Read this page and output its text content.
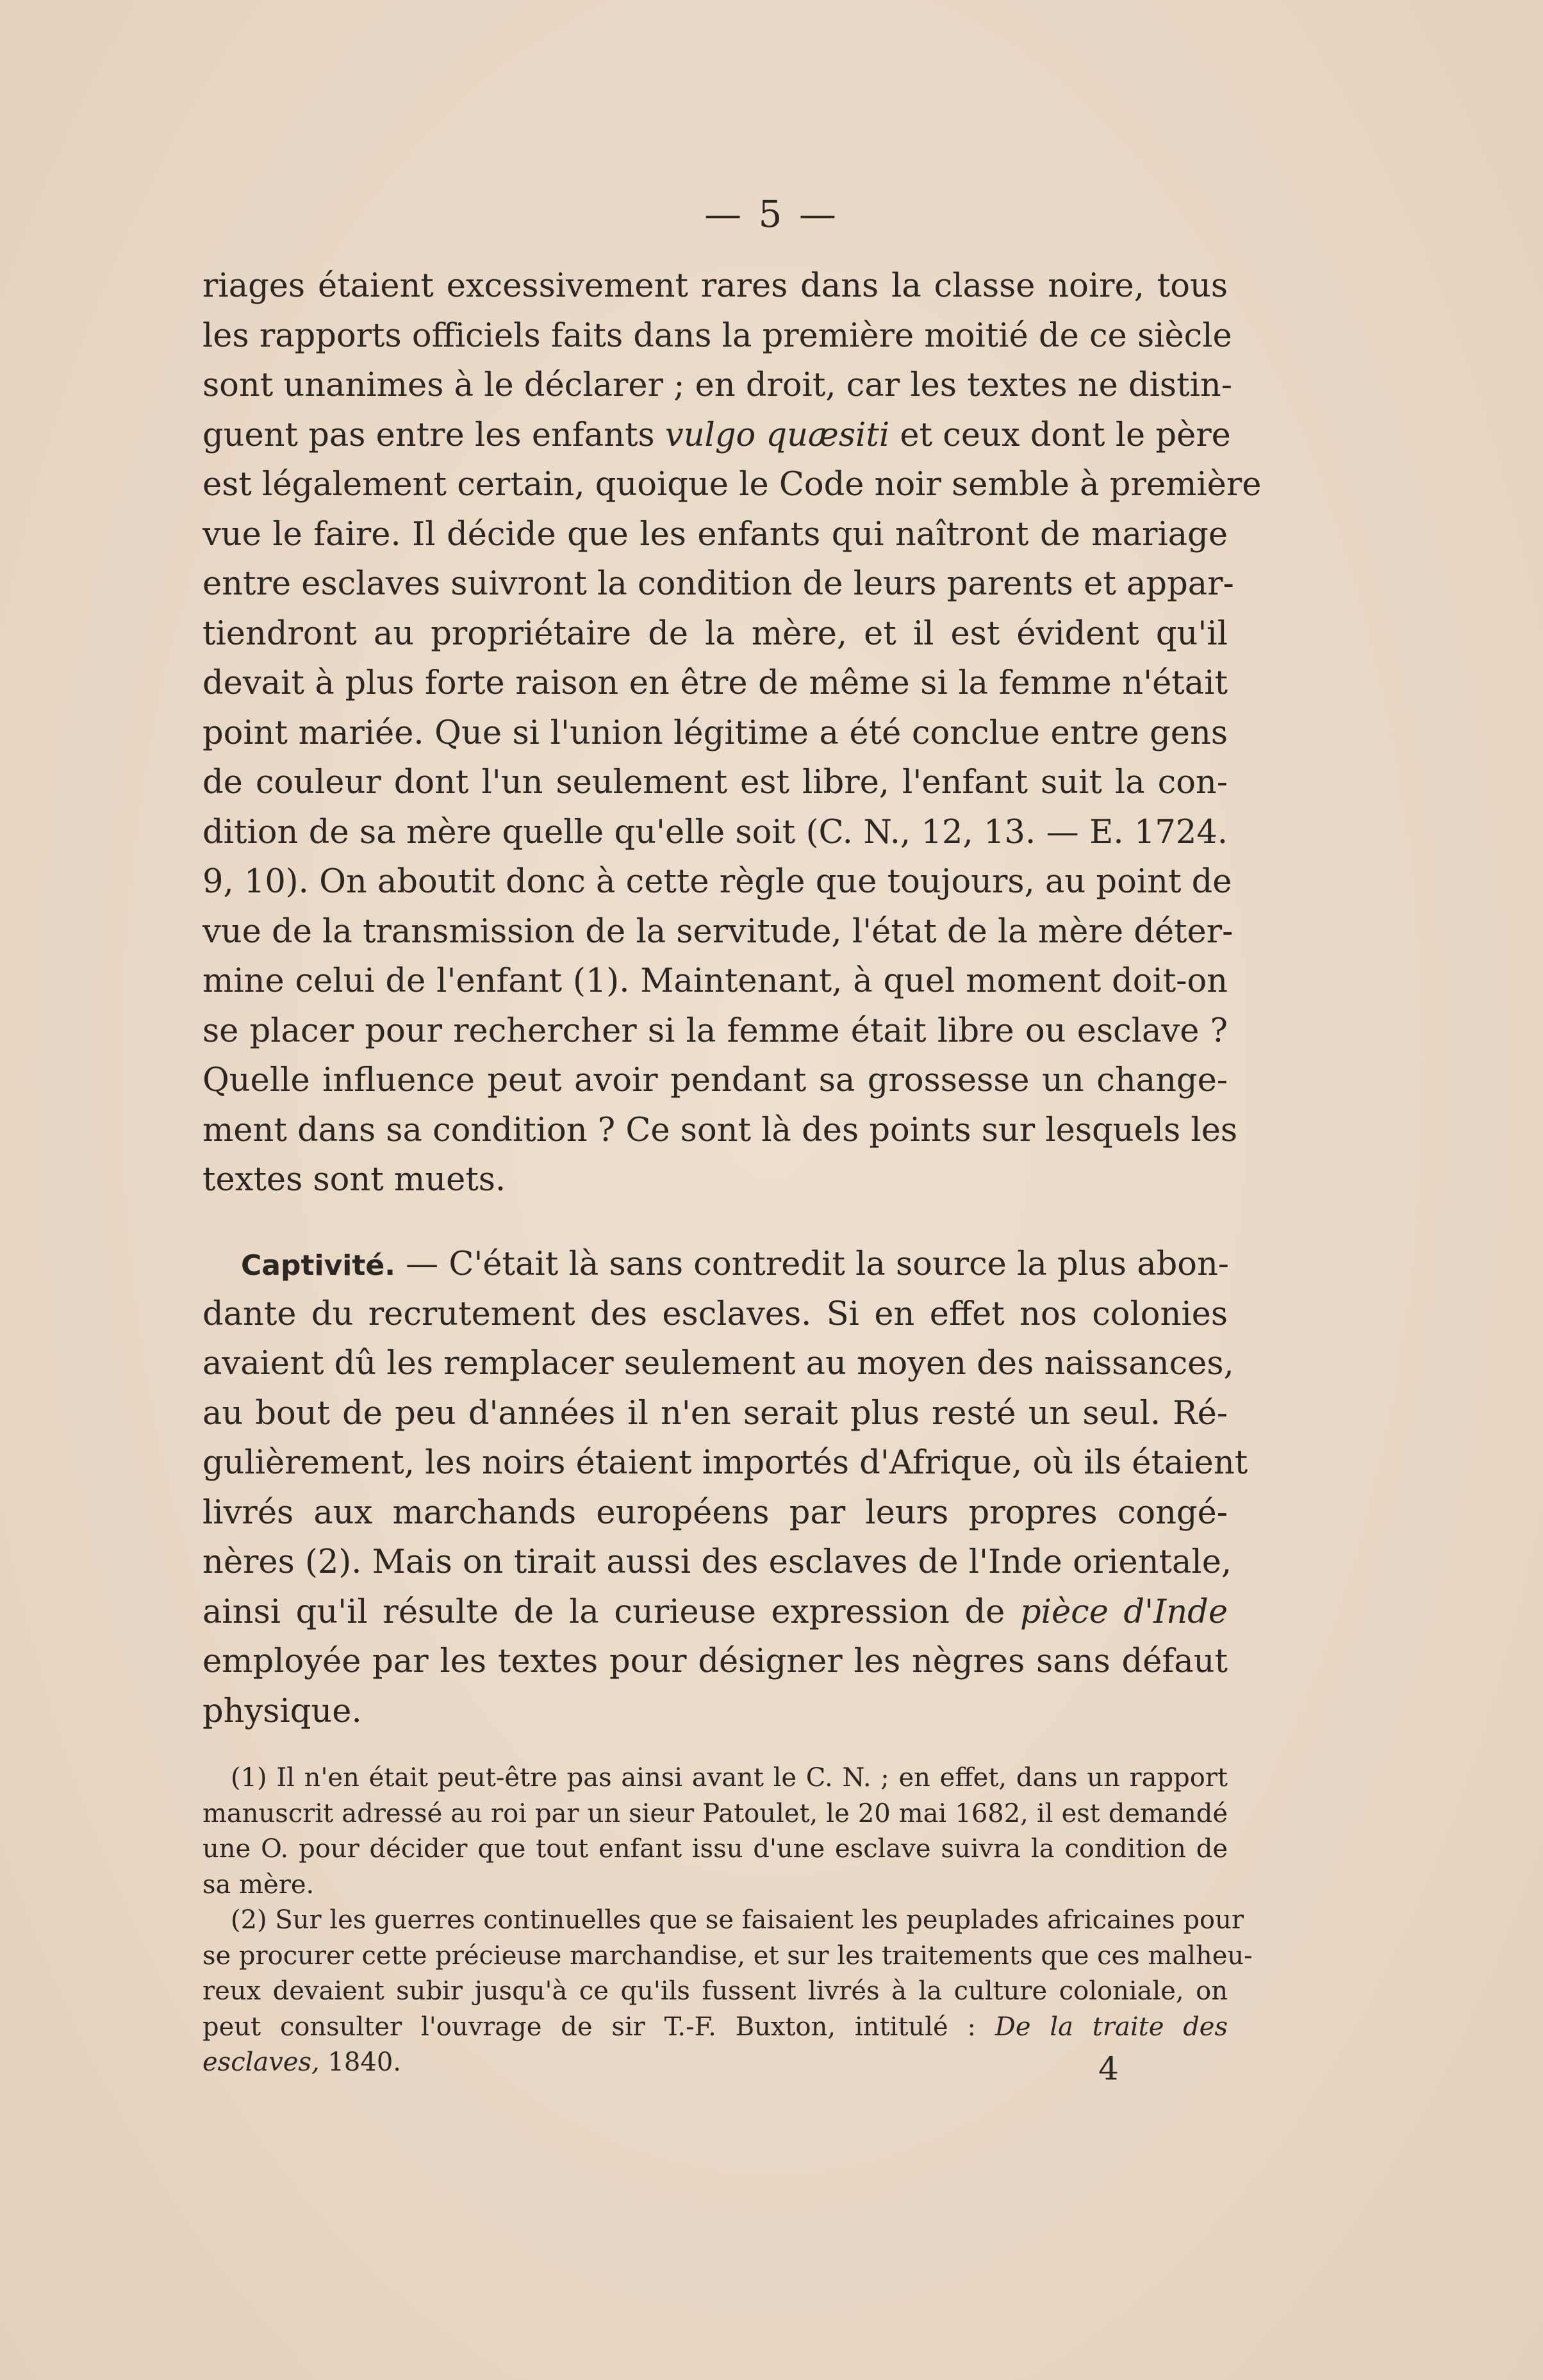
— 5 —
riages étaient excessivement rares dans la classe noire, tous
les rapports officiels faits dans la première moitié de ce siècle
sont unanimes à le déclarer ; en droit, car les textes ne distin-
guent pas entre les enfants vulgo quæsiti et ceux dont le père
est légalement certain, quoique le Code noir semble à première
vue le faire. Il décide que les enfants qui naîtront de mariage
entre esclaves suivront la condition de leurs parents et appar-
tiendront au propriétaire de la mère, et il est évident qu'il
devait à plus forte raison en être de même si la femme n'était
point mariée. Que si l'union légitime a été conclue entre gens
de couleur dont l'un seulement est libre, l'enfant suit la con-
dition de sa mère quelle qu'elle soit (C. N., 12, 13. — E. 1724.
9, 10). On aboutit donc à cette règle que toujours, au point de
vue de la transmission de la servitude, l'état de la mère déter-
mine celui de l'enfant (1). Maintenant, à quel moment doit-on
se placer pour rechercher si la femme était libre ou esclave ?
Quelle influence peut avoir pendant sa grossesse un change-
ment dans sa condition ? Ce sont là des points sur lesquels les
textes sont muets.
Captivité. — C'était là sans contredit la source la plus abon-
dante du recrutement des esclaves. Si en effet nos colonies
avaient dû les remplacer seulement au moyen des naissances,
au bout de peu d'années il n'en serait plus resté un seul. Ré-
gulièrement, les noirs étaient importés d'Afrique, où ils étaient
livrés aux marchands européens par leurs propres congé-
nères (2). Mais on tirait aussi des esclaves de l'Inde orientale,
ainsi qu'il résulte de la curieuse expression de pièce d'Inde
employée par les textes pour désigner les nègres sans défaut
physique.
(1) Il n'en était peut-être pas ainsi avant le C. N. ; en effet, dans un rapport
manuscrit adressé au roi par un sieur Patoulet, le 20 mai 1682, il est demandé
une O. pour décider que tout enfant issu d'une esclave suivra la condition de
sa mère.
(2) Sur les guerres continuelles que se faisaient les peuplades africaines pour
se procurer cette précieuse marchandise, et sur les traitements que ces malheu-
reux devaient subir jusqu'à ce qu'ils fussent livrés à la culture coloniale, on
peut consulter l'ouvrage de sir T.-F. Buxton, intitulé : De la traite des
esclaves, 1840.	4
